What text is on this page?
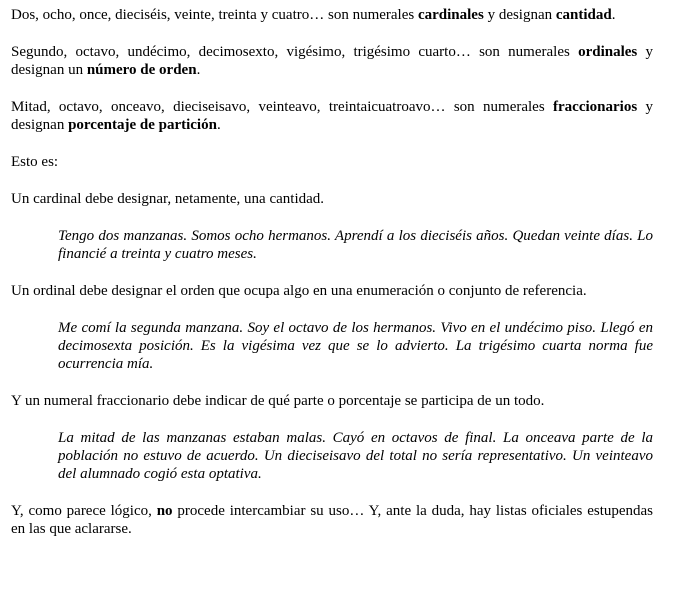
Dos, ocho, once, dieciséis, veinte, treinta y cuatro… son numerales cardinales y designan cantidad.

Segundo, octavo, undécimo, decimosexto, vigésimo, trigésimo cuarto… son numerales ordinales y designan un número de orden.

Mitad, octavo, onceavo, dieciseisavo, veinteavo, treintaicuatroavo… son numerales fraccionarios y designan porcentaje de partición.

Esto es:

Un cardinal debe designar, netamente, una cantidad.

Tengo dos manzanas. Somos ocho hermanos. Aprendí a los dieciséis años. Quedan veinte días. Lo financié a treinta y cuatro meses.

Un ordinal debe designar el orden que ocupa algo en una enumeración o conjunto de referencia.

Me comí la segunda manzana. Soy el octavo de los hermanos. Vivo en el undécimo piso. Llegó en decimosexta posición. Es la vigésima vez que se lo advierto. La trigésimo cuarta norma fue ocurrencia mía.

Y un numeral fraccionario debe indicar de qué parte o porcentaje se participa de un todo.

La mitad de las manzanas estaban malas. Cayó en octavos de final. La onceava parte de la población no estuvo de acuerdo. Un dieciseisavo del total no sería representativo. Un veinteavo del alumnado cogió esta optativa.

Y, como parece lógico, no procede intercambiar su uso… Y, ante la duda, hay listas oficiales estupendas en las que aclararse.
